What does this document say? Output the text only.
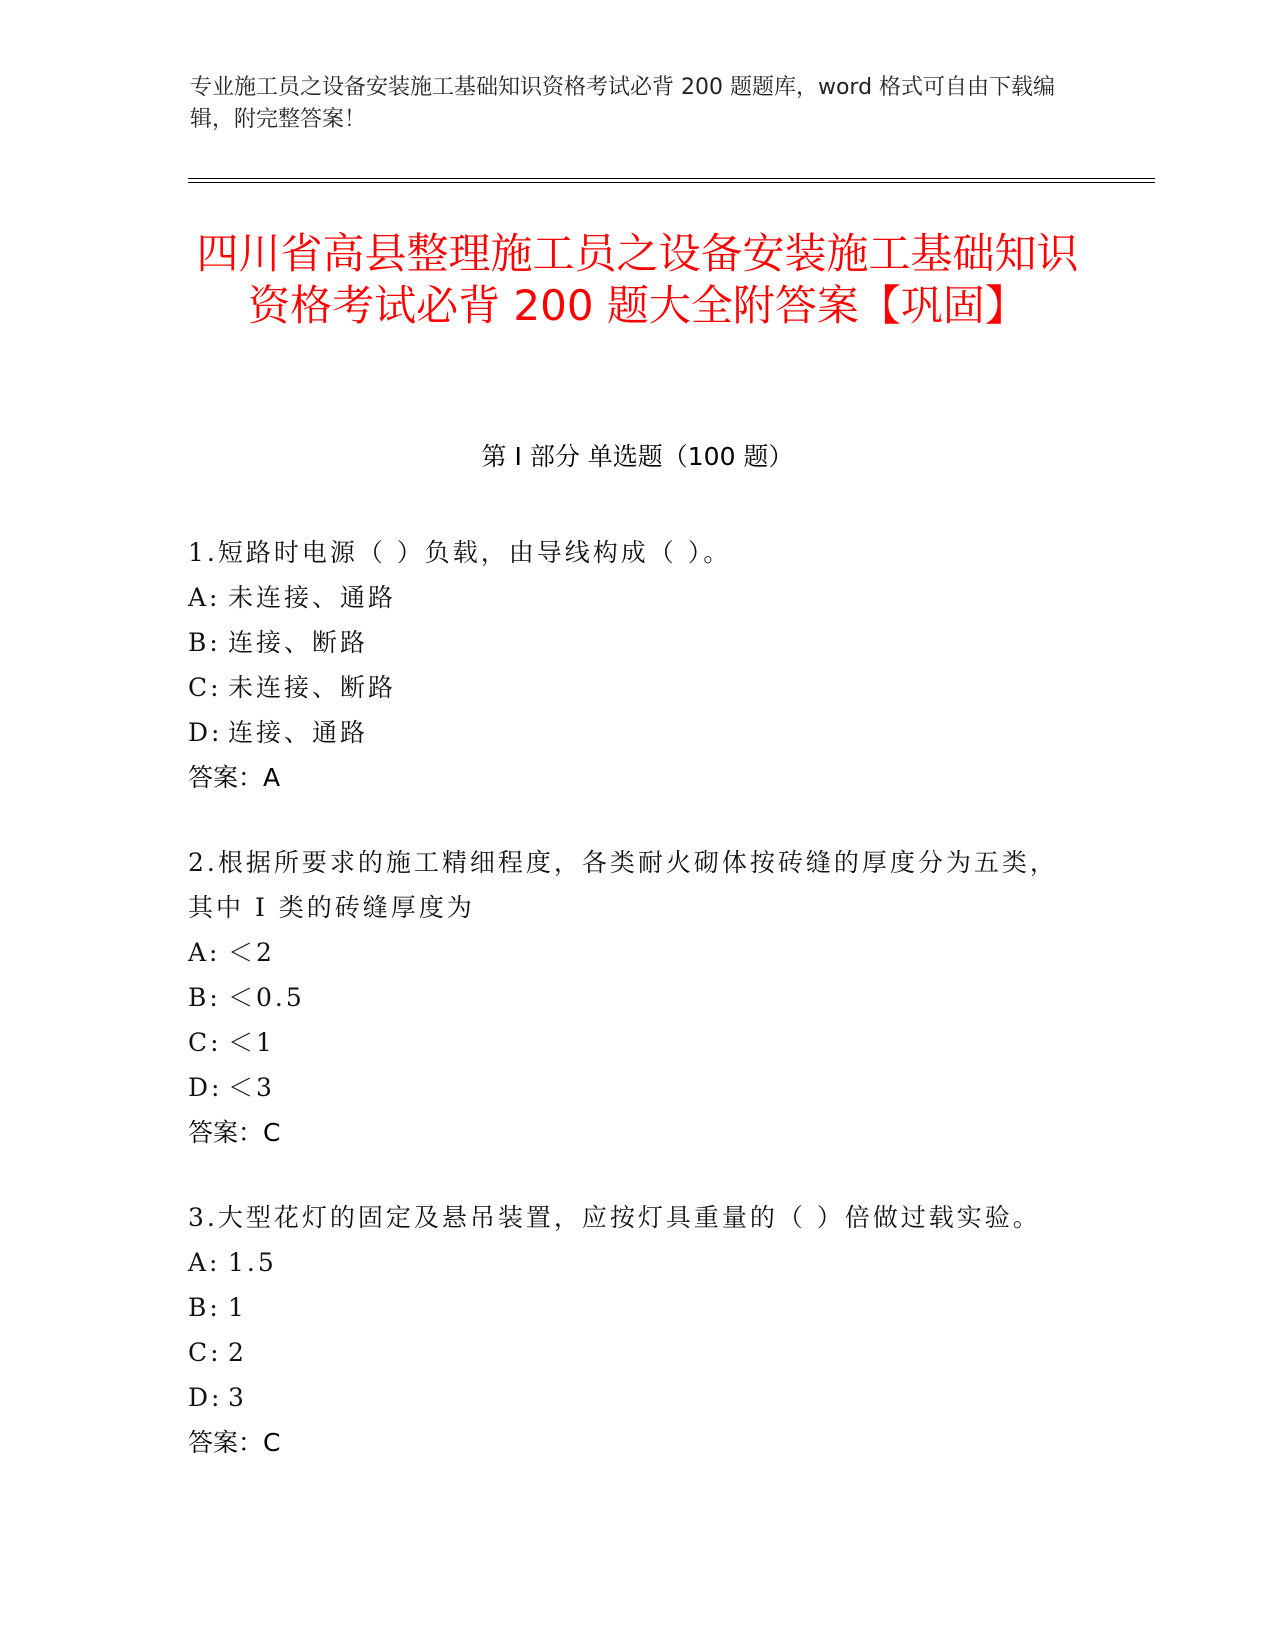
专业施工员之设备安装施工基础知识资格考试必背 200 题题库，word 格式可自由下载编辑，附完整答案！
四川省高县整理施工员之设备安装施工基础知识资格考试必背 200 题大全附答案【巩固】
第 I 部分 单选题（100 题）
1.短路时电源（ ）负载，由导线构成（ ）。
A: 未连接、通路
B: 连接、断路
C: 未连接、断路
D: 连接、通路
答案：A
2.根据所要求的施工精细程度，各类耐火砌体按砖缝的厚度分为五类，其中 I 类的砖缝厚度为
A: ＜2
B: ＜0.5
C: ＜1
D: ＜3
答案：C
3.大型花灯的固定及悬吊装置，应按灯具重量的（ ）倍做过载实验。
A: 1.5
B: 1
C: 2
D: 3
答案：C
